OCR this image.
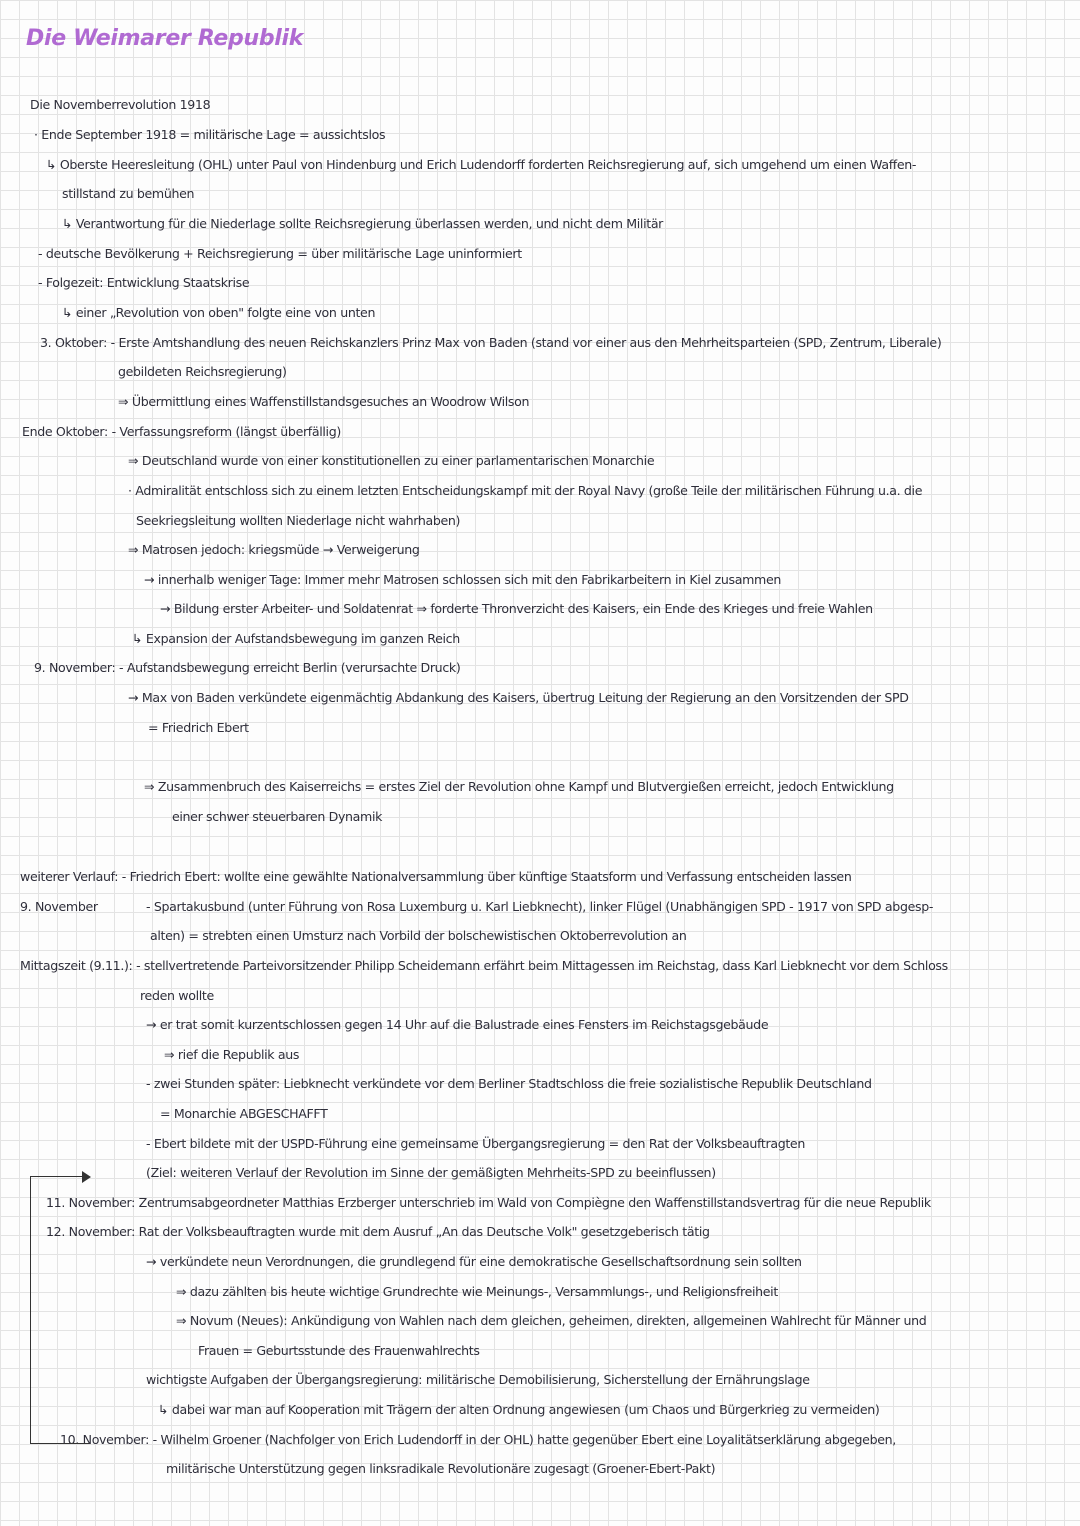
Die Weimarer Republik
Die Novemberrevolution 1918
· Ende September 1918 = militärische Lage = aussichtslos
↳ Oberste Heeresleitung (OHL) unter Paul von Hindenburg und Erich Ludendorff forderten Reichsregierung auf, sich umgehend um einen Waffen-
stillstand zu bemühen
↳ Verantwortung für die Niederlage sollte Reichsregierung überlassen werden, und nicht dem Militär
- deutsche Bevölkerung + Reichsregierung = über militärische Lage uninformiert
- Folgezeit: Entwicklung Staatskrise
↳ einer „Revolution von oben" folgte eine von unten
3. Oktober: - Erste Amtshandlung des neuen Reichskanzlers Prinz Max von Baden (stand vor einer aus den Mehrheitsparteien (SPD, Zentrum, Liberale)
gebildeten Reichsregierung)
⇒ Übermittlung eines Waffenstillstandsgesuches an Woodrow Wilson
Ende Oktober: - Verfassungsreform (längst überfällig)
⇒ Deutschland wurde von einer konstitutionellen zu einer parlamentarischen Monarchie
· Admiralität entschloss sich zu einem letzten Entscheidungskampf mit der Royal Navy (große Teile der militärischen Führung u.a. die
Seekriegsleitung wollten Niederlage nicht wahrhaben)
⇒ Matrosen jedoch: kriegsmüde → Verweigerung
→ innerhalb weniger Tage: Immer mehr Matrosen schlossen sich mit den Fabrikarbeitern in Kiel zusammen
→ Bildung erster Arbeiter- und Soldatenrat ⇒ forderte Thronverzicht des Kaisers, ein Ende des Krieges und freie Wahlen
↳ Expansion der Aufstandsbewegung im ganzen Reich
9. November: - Aufstandsbewegung erreicht Berlin (verursachte Druck)
→ Max von Baden verkündete eigenmächtig Abdankung des Kaisers, übertrug Leitung der Regierung an den Vorsitzenden der SPD
= Friedrich Ebert
⇒ Zusammenbruch des Kaiserreichs = erstes Ziel der Revolution ohne Kampf und Blutvergießen erreicht, jedoch Entwicklung
einer schwer steuerbaren Dynamik
weiterer Verlauf: - Friedrich Ebert: wollte eine gewählte Nationalversammlung über künftige Staatsform und Verfassung entscheiden lassen
9. November	- Spartakusbund (unter Führung von Rosa Luxemburg u. Karl Liebknecht), linker Flügel (Unabhängigen SPD - 1917 von SPD abgesp-
alten) = strebten einen Umsturz nach Vorbild der bolschewistischen Oktoberrevolution an
Mittagszeit (9.11.): - stellvertretende Parteivorsitzender Philipp Scheidemann erfährt beim Mittagessen im Reichstag, dass Karl Liebknecht vor dem Schloss
reden wollte
→ er trat somit kurzentschlossen gegen 14 Uhr auf die Balustrade eines Fensters im Reichstagsgebäude
⇒ rief die Republik aus
- zwei Stunden später: Liebknecht verkündete vor dem Berliner Stadtschloss die freie sozialistische Republik Deutschland
= Monarchie ABGESCHAFFT
- Ebert bildete mit der USPD-Führung eine gemeinsame Übergangsregierung = den Rat der Volksbeauftragten
(Ziel: weiteren Verlauf der Revolution im Sinne der gemäßigten Mehrheits-SPD zu beeinflussen)
11. November: Zentrumsabgeordneter Matthias Erzberger unterschrieb im Wald von Compiègne den Waffenstillstandsvertrag für die neue Republik
12. November: Rat der Volksbeauftragten wurde mit dem Ausruf „An das Deutsche Volk" gesetzgeberisch tätig
→ verkündete neun Verordnungen, die grundlegend für eine demokratische Gesellschaftsordnung sein sollten
⇒ dazu zählten bis heute wichtige Grundrechte wie Meinungs-, Versammlungs-, und Religionsfreiheit
⇒ Novum (Neues): Ankündigung von Wahlen nach dem gleichen, geheimen, direkten, allgemeinen Wahlrecht für Männer und
Frauen = Geburtsstunde des Frauenwahlrechts
wichtigste Aufgaben der Übergangsregierung: militärische Demobilisierung, Sicherstellung der Ernährungslage
↳ dabei war man auf Kooperation mit Trägern der alten Ordnung angewiesen (um Chaos und Bürgerkrieg zu vermeiden)
10. November: - Wilhelm Groener (Nachfolger von Erich Ludendorff in der OHL) hatte gegenüber Ebert eine Loyalitätserklärung abgegeben,
militärische Unterstützung gegen linksradikale Revolutionäre zugesagt (Groener-Ebert-Pakt)
